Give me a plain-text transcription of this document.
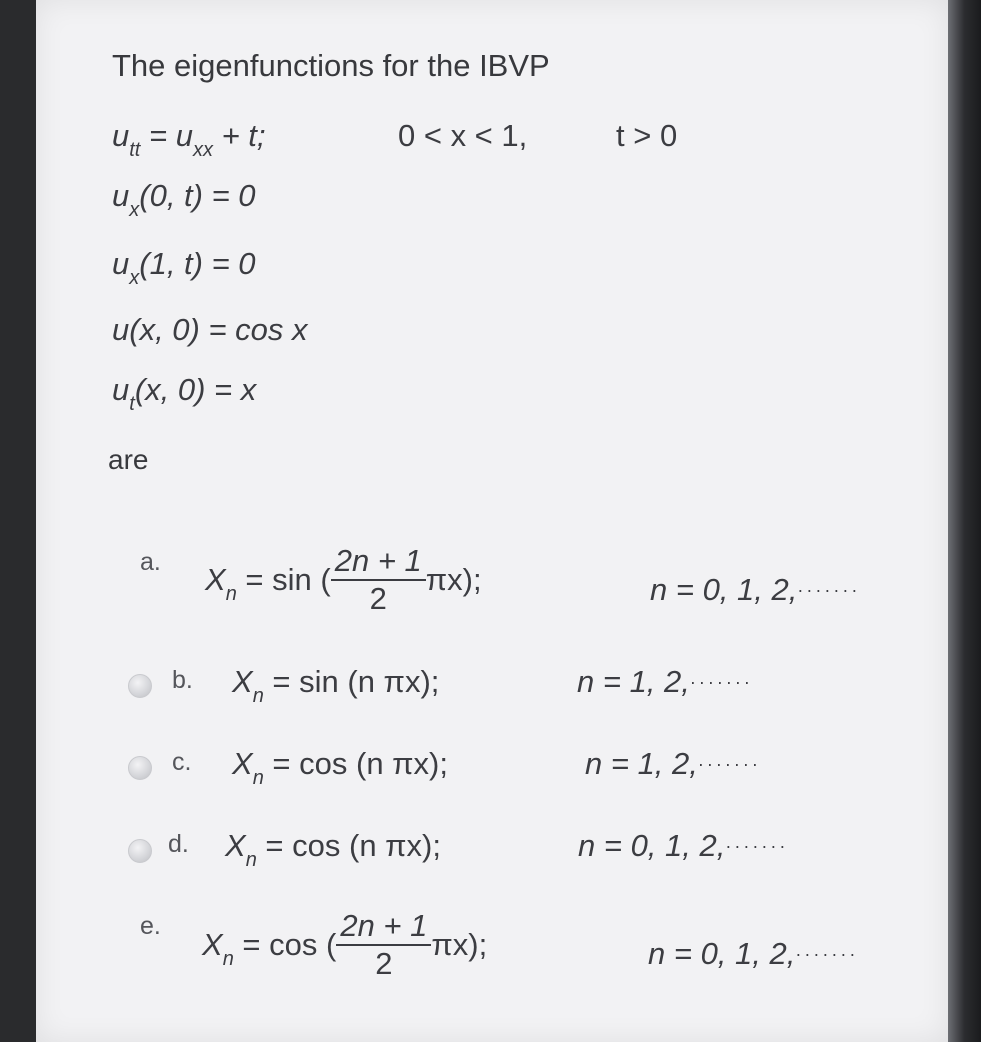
The eigenfunctions for the IBVP
$u_{tt} = u_{xx} + t$;	0 < x < 1,	t > 0
$u_x(0$, t) = 0
$u_x(1$, t) = 0
u(x, 0) = cos x
$u_t(x$, 0) = x
are
a.
$X_n = \sin$ ( $\frac{2n + 1}{2} \pi x$);	n = 0, 1, 2,·······
b. $X_n = \sin (n$ πx);	n = 1, 2,·······
c. $X_n = \cos (n$ πx);	n = 1, 2,·······
d. $X_n = \cos (n$ πx);	n = 0, 1, 2,·······
e.
$X_n = \cos$ ( $\frac{2n + 1}{2} \pi x$);	n = 0, 1, 2,·······
